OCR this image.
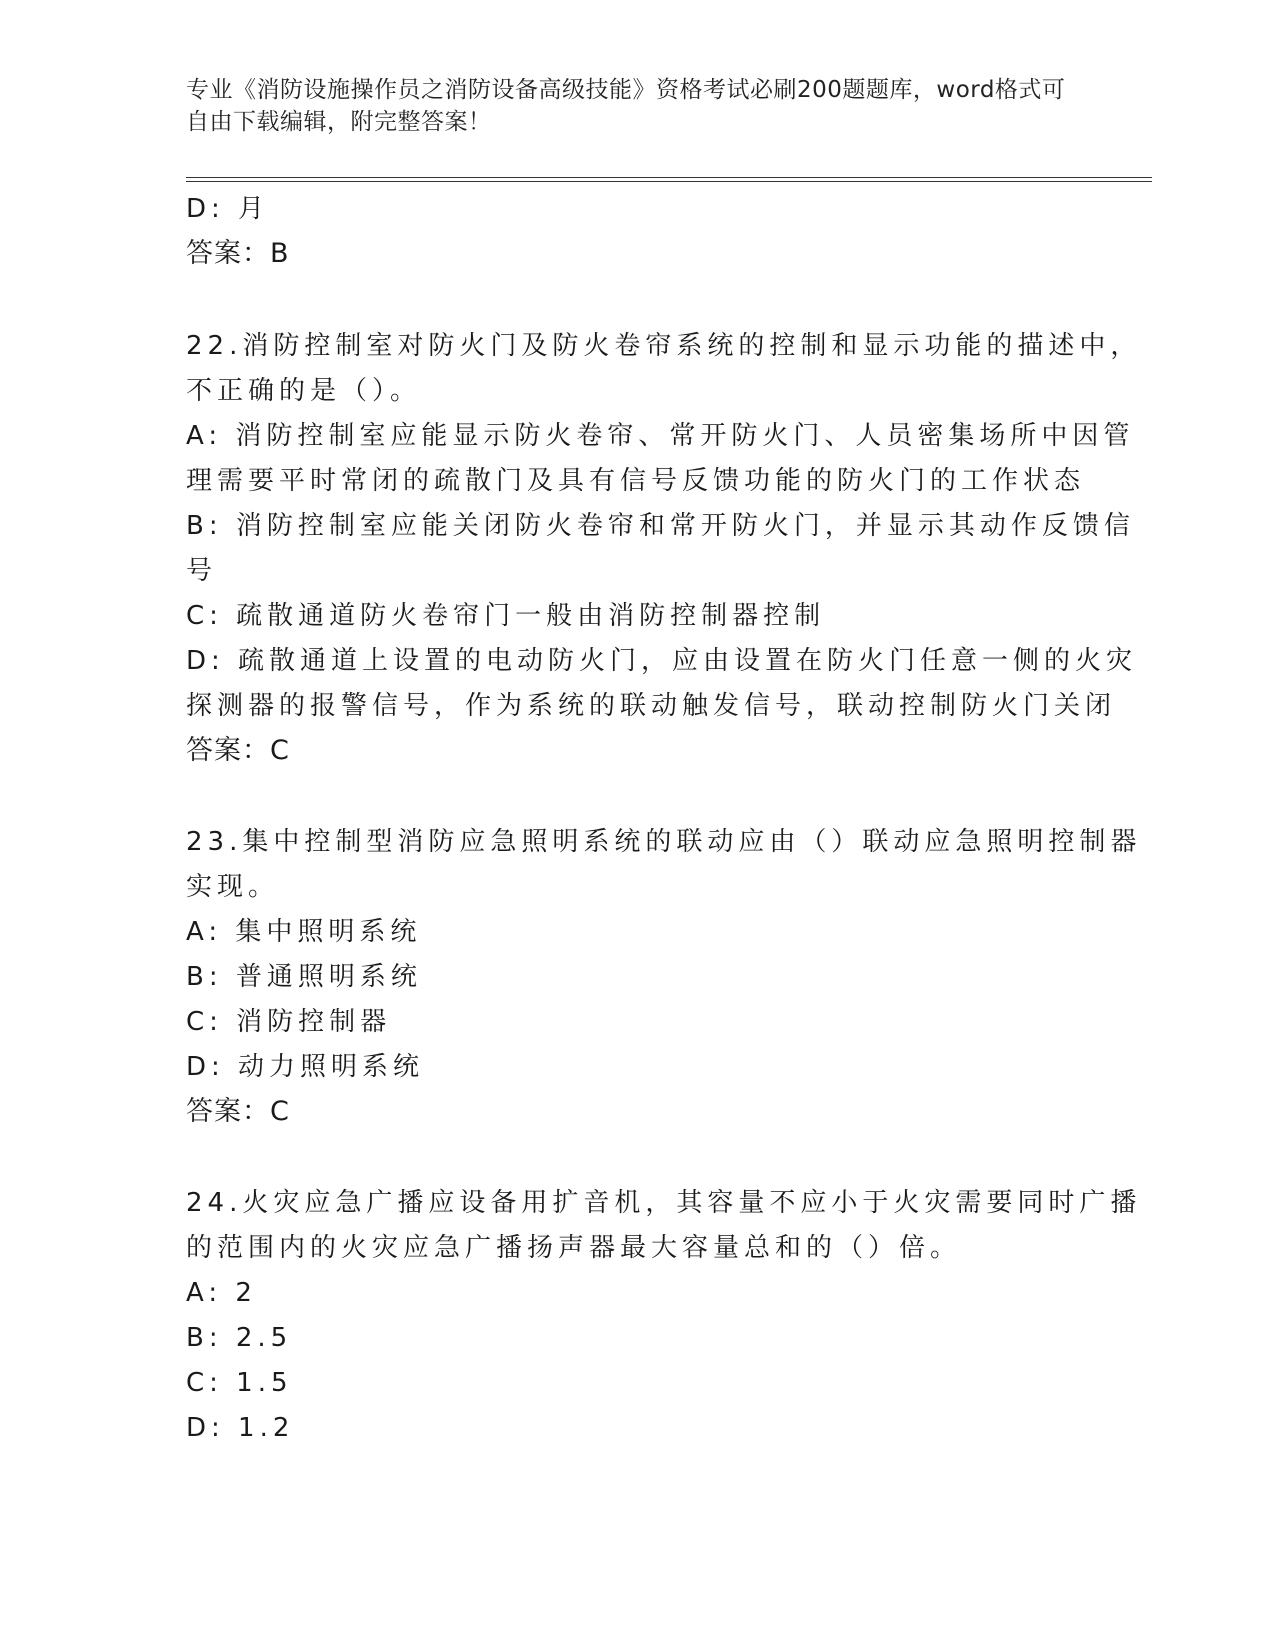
专业《消防设施操作员之消防设备高级技能》资格考试必刷200题题库，word格式可自由下载编辑，附完整答案！
D: 月
答案：B
22.消防控制室对防火门及防火卷帘系统的控制和显示功能的描述中，
不正确的是（）。
A: 消防控制室应能显示防火卷帘、常开防火门、人员密集场所中因管
理需要平时常闭的疏散门及具有信号反馈功能的防火门的工作状态
B: 消防控制室应能关闭防火卷帘和常开防火门，并显示其动作反馈信
号
C: 疏散通道防火卷帘门一般由消防控制器控制
D: 疏散通道上设置的电动防火门，应由设置在防火门任意一侧的火灾
探测器的报警信号，作为系统的联动触发信号，联动控制防火门关闭
答案：C
23.集中控制型消防应急照明系统的联动应由（）联动应急照明控制器
实现。
A: 集中照明系统
B: 普通照明系统
C: 消防控制器
D: 动力照明系统
答案：C
24.火灾应急广播应设备用扩音机，其容量不应小于火灾需要同时广播
的范围内的火灾应急广播扬声器最大容量总和的（）倍。
A: 2
B: 2.5
C: 1.5
D: 1.2
